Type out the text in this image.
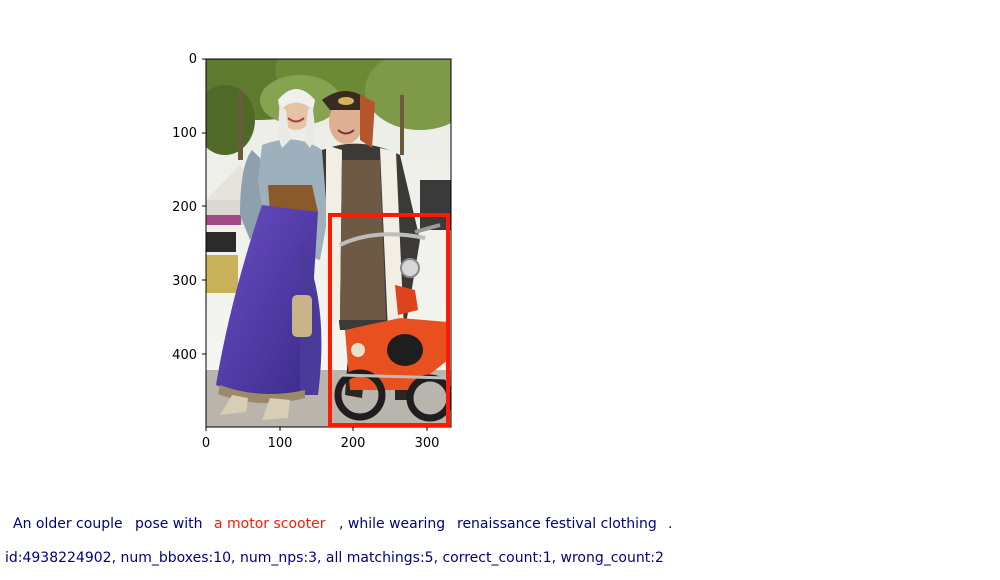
0
100
200
300
400
0	100	200	300
An older couple pose with a motor scooter , while wearing renaissance festival clothing .
id:4938224902, num_bboxes:10, num_nps:3, all matchings:5, correct_count:1, wrong_count:2
